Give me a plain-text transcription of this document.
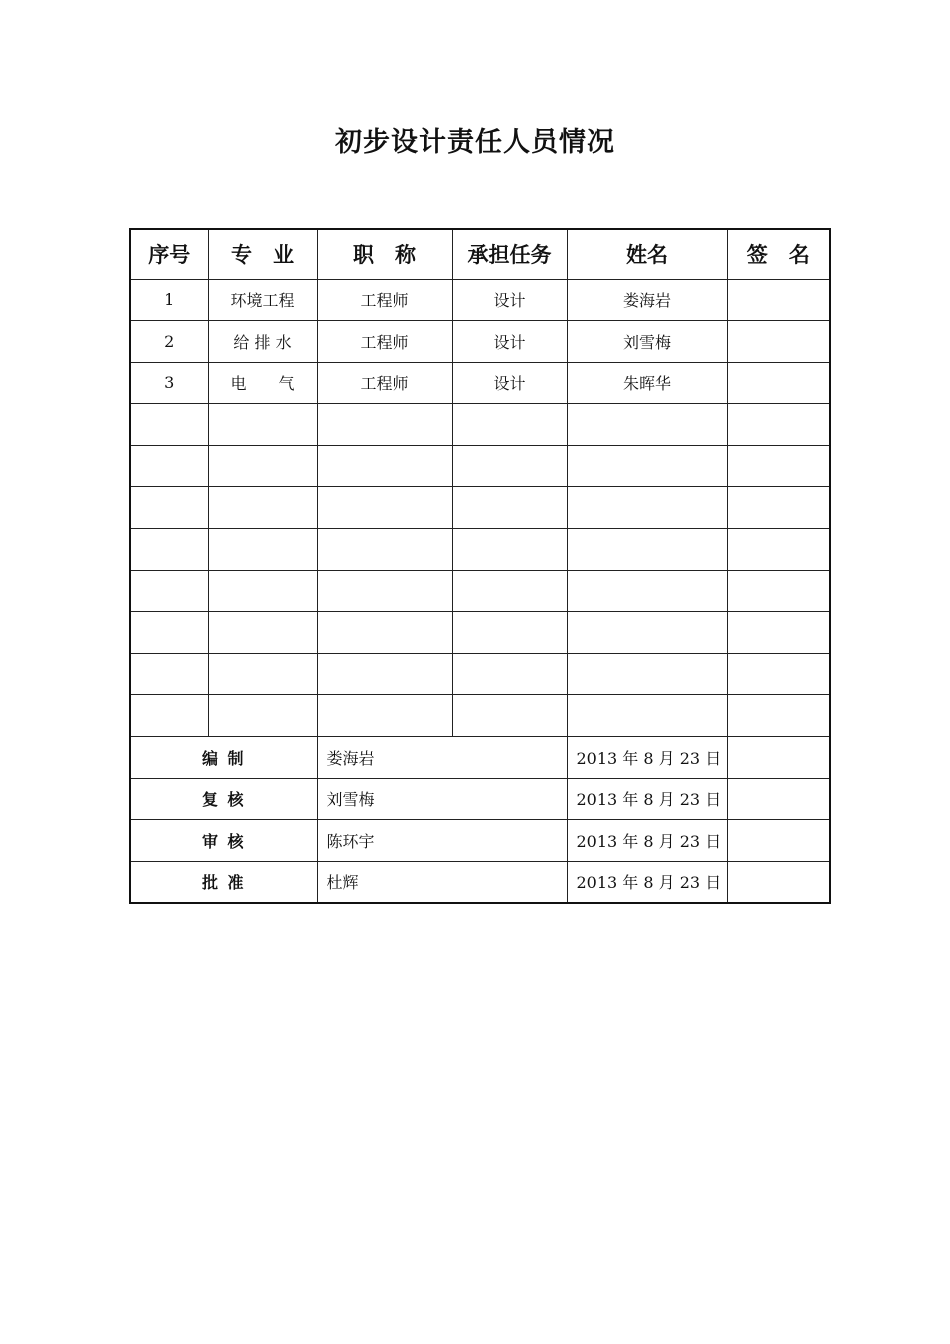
初步设计责任人员情况
序号	专　业	职　称	承担任务	姓名	签　名
1	环境工程	工程师	设计	娄海岩	
2	给 排 水	工程师	设计	刘雪梅	
3	电　　气	工程师	设计	朱晖华	

编 制		娄海岩		2013 年 8 月 23 日	
复 核		刘雪梅		2013 年 8 月 23 日	
审 核		陈环宇		2013 年 8 月 23 日	
批 准		杜辉		2013 年 8 月 23 日	
